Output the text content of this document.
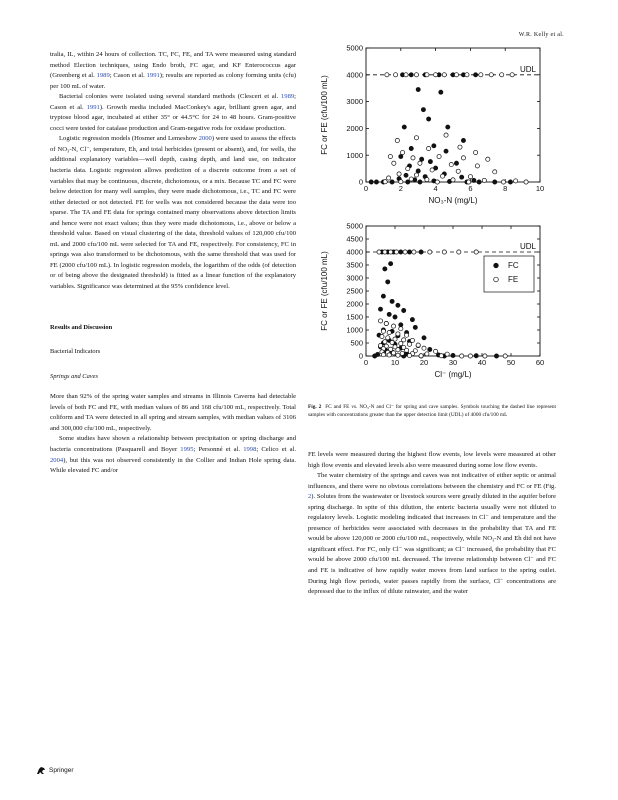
W.R. Kelly et al.

tralia, IL, within 24 hours of collection. TC, FC, FE, and TA were measured using standard method Election techniques, using Endo broth, FC agar, and KF Enterococcus agar (Greenberg et al. 1989; Cason et al. 1991); results are reported as colony forming units (cfu) per 100 mL of water.

Bacterial colonies were isolated using several standard methods (Clesceri et al. 1989; Cason et al. 1991). Growth media included MacConkey's agar, brilliant green agar, and tryptose blood agar, incubated at either 35° or 44.5°C for 24 to 48 hours. Gram-positive cocci were tested for catalase production and Gram-negative rods for oxidase production.

Logistic regression models (Hosmer and Lemeshow 2000) were used to assess the effects of NO₃-N, Cl⁻, temperature, Eh, and total herbicides (present or absent), and, for wells, the additional explanatory variables—well depth, casing depth, and land use, on indicator bacteria data. Logistic regression allows prediction of a discrete outcome from a set of variables that may be continuous, discrete, dichotomous, or a mix. Because TC and FC were below detection for many well samples, they were made dichotomous, i.e., TC and FC were either detected or not detected. FE for wells was not considered because the data were too sparse. The TA and FE data for springs contained many observations above detection limits and hence were not exact values; thus they were made dichotomous, i.e., above or below a threshold value. Based on visual clustering of the data, threshold values of 120,000 cfu/100 mL and 2000 cfu/100 mL were selected for TA and FE, respectively. For consistency, FC in springs was also transformed to be dichotomous, with the same threshold that was used for FE (2000 cfu/100 mL). In logistic regression models, the logarithm of the odds (of detection or of being above the designated threshold) is fitted as a linear function of the explanatory variables. Significance was determined at the 95% confidence level.

Results and Discussion
Bacterial Indicators
Springs and Caves

More than 92% of the spring water samples and streams in Illinois Caverns had detectable levels of both FC and FE, with median values of 86 and 168 cfu/100 mL, respectively. Total coliform and TA were detected in all spring and stream samples, with median values of 3106 and 300,000 cfu/100 mL, respectively.

Some studies have shown a relationship between precipitation or spring discharge and bacteria concentrations (Pasquarell and Boyer 1995; Personné et al. 1998; Celico et al. 2004), but this was not observed consistently in the Collier and Indian Hole spring data. While elevated FC and/or

0
1000
2000
3000
4000
5000
0	2	4	6	8	10
NO₃-N (mg/L)
FC or FE (cfu/100 mL)
UDL
0
500
1000
1500
2000
2500
3000
3500
4000
4500
5000
0	10	20	30	40	50	60
Cl⁻ (mg/L)
FC or FE (cfu/100 mL)
UDL
FC
FE
Fig. 2 FC and FE vs. NO₃-N and Cl⁻ for spring and cave samples. Symbols touching the dashed line represent samples with concentrations greater than the upper detection limit (UDL) of 4000 cfu/100 mL

FE levels were measured during the highest flow events, low levels were measured at other high flow events and elevated levels also were measured during some low flow events.

The water chemistry of the springs and caves was not indicative of either septic or animal influences, and there were no obvious correlations between the chemistry and FC or FE (Fig. 2). Solutes from the wastewater or livestock sources were greatly diluted in the aquifer before spring discharge. In spite of this dilution, the enteric bacteria usually were not diluted to regulatory levels. Logistic modeling indicated that increases in Cl⁻ and temperature and the presence of herbicides were associated with decreases in the probability that TA and FE would be above 120,000 or 2000 cfu/100 mL, respectively, while NO₃-N and Eh did not have significant effect. For FC, only Cl⁻ was significant; as Cl⁻ increased, the probability that FC would be above 2000 cfu/100 mL decreased. The inverse relationship between Cl⁻ and FC and FE is indicative of how rapidly water moves from land surface to the spring outlet. During high flow periods, water passes rapidly from the surface, Cl⁻ concentrations are depressed due to the influx of dilute rainwater, and the water

Springer
